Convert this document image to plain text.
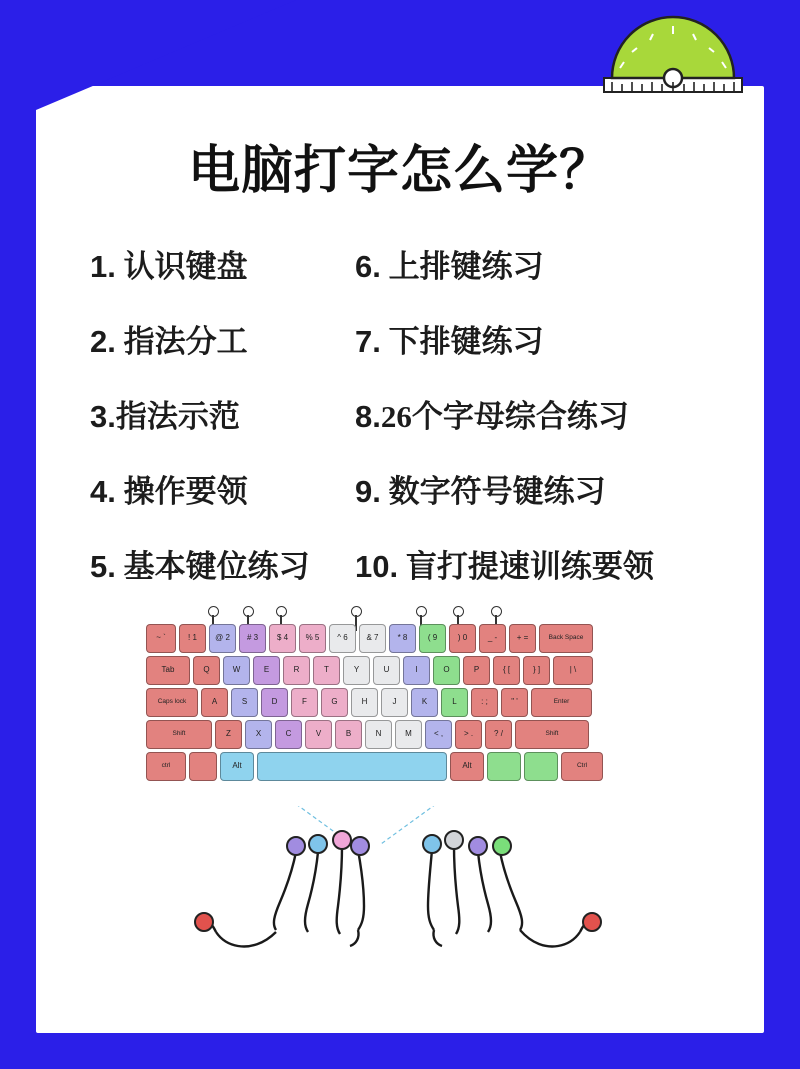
电脑打字怎么学？
1. 认识键盘	6. 上排键练习
2. 指法分工	7. 下排键练习
3.指法示范	8.26个字母综合练习
4. 操作要领	9. 数字符号键练习
5. 基本键位练习	10. 盲打提速训练要领
~ `	! 1	@ 2	# 3	$ 4	% 5	^ 6	& 7	* 8	( 9	) 0	_ -	+ =	Back Space
Tab	Q	W	E	R	T	Y	U	I	O	P	{ [	} ]	| \
Caps lock	A	S	D	F	G	H	J	K	L	: ;	" '	Enter
Shift	Z	X	C	V	B	N	M	< ,	> .	? /	Shift
ctrl	Alt	Alt	Ctrl
